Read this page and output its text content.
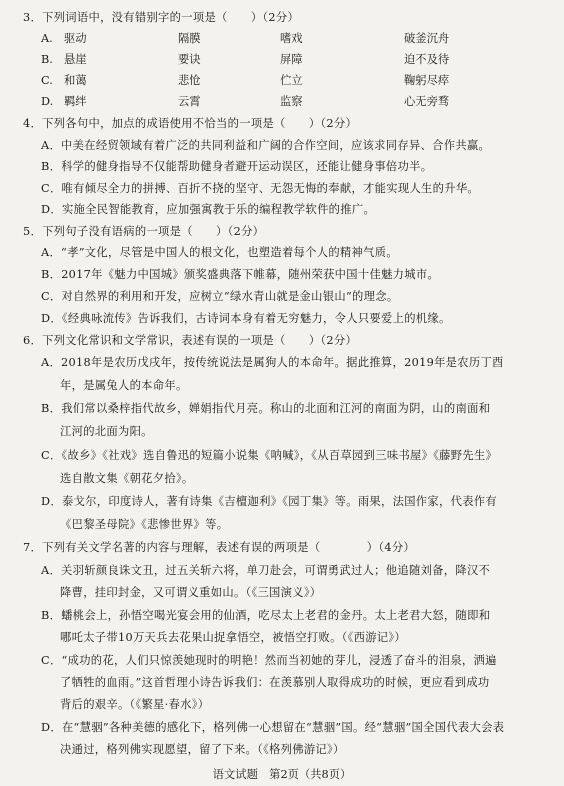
3．下列词语中，没有错别字的一项是（　　）（2分）
A. 驱动	隔膜	嗜戏	破釜沉舟
B. 悬崖	要诀	屏障	迫不及待
C. 和蔼	悲怆	伫立	鞠躬尽瘁
D. 羁绊	云霄	监察	心无旁骛
4．下列各句中，加点的成语使用不恰当的一项是（　　）（2分）
A．中美在经贸领域有着广泛的共同利益和广阔的合作空间，应该求同存异、合作共赢。
B．科学的健身指导不仅能帮助健身者避开运动误区，还能让健身事倍功半。
C．唯有倾尽全力的拼搏、百折不挠的坚守、无怨无悔的奉献，才能实现人生的升华。
D．实施全民智能教育，应加强寓教于乐的编程教学软件的推广。
5．下列句子没有语病的一项是（　　）（2分）
A．“孝”文化，尽管是中国人的根文化，也塑造着每个人的精神气质。
B．2017年《魅力中国城》颁奖盛典落下帷幕，随州荣获中国十佳魅力城市。
C．对自然界的利用和开发，应树立“绿水青山就是金山银山”的理念。
D．《经典咏流传》告诉我们，古诗词本身有着无穷魅力，令人只要爱上的机缘。
6．下列文化常识和文学常识，表述有误的一项是（　　）（2分）
A．2018年是农历戊戌年，按传统说法是属狗人的本命年。据此推算，2019年是农历丁酉
年，是属兔人的本命年。
B．我们常以桑梓指代故乡，婵娟指代月亮。称山的北面和江河的南面为阴，山的南面和
江河的北面为阳。
C．《故乡》《社戏》选自鲁迅的短篇小说集《呐喊》，《从百草园到三味书屋》《藤野先生》
选自散文集《朝花夕拾》。
D．泰戈尔，印度诗人，著有诗集《吉檀迦利》《园丁集》等。雨果，法国作家，代表作有
《巴黎圣母院》《悲惨世界》等。
7．下列有关文学名著的内容与理解，表述有误的两项是（　　　　）（4分）
A．关羽斩颜良诛文丑，过五关斩六将，单刀赴会，可谓勇武过人；他追随刘备，降汉不
降曹，挂印封金，又可谓义重如山。（《三国演义》）
B．蟠桃会上，孙悟空喝光宴会用的仙酒，吃尽太上老君的金丹。太上老君大怒，随即和
哪吒太子带10万天兵去花果山捉拿悟空，被悟空打败。（《西游记》）
C．“成功的花，人们只惊羡她现时的明艳！然而当初她的芽儿，浸透了奋斗的泪泉，洒遍
了牺牲的血雨。”这首哲理小诗告诉我们：在羡慕别人取得成功的时候，更应看到成功
背后的艰辛。（《繁星·春水》）
D．在“慧骃”各种美德的感化下，格列佛一心想留在“慧骃”国。经“慧骃”国全国代表大会表
决通过，格列佛实现愿望，留了下来。（《格列佛游记》）
语文试题　第2页（共8页）
